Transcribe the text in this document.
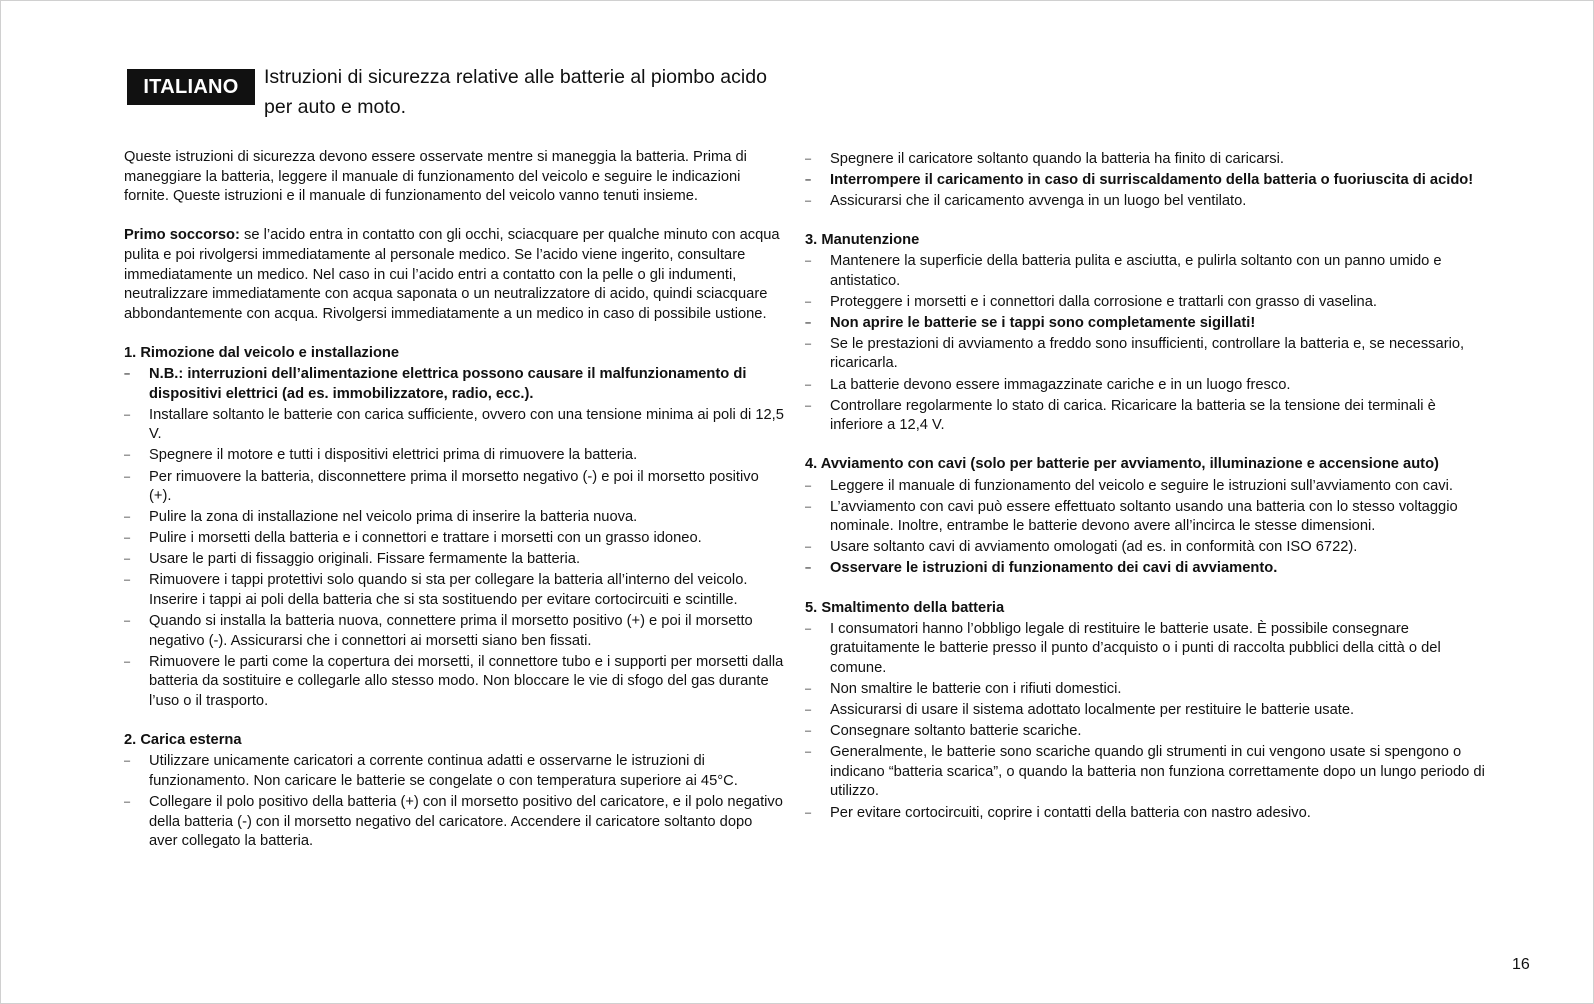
ITALIANO	Istruzioni di sicurezza relative alle batterie al piombo acido per auto e moto.

Queste istruzioni di sicurezza devono essere osservate mentre si maneggia la batteria. Prima di maneggiare la batteria, leggere il manuale di funzionamento del veicolo e seguire le indicazioni fornite. Queste istruzioni e il manuale di funzionamento del veicolo vanno tenuti insieme.

Primo soccorso: se l’acido entra in contatto con gli occhi, sciacquare per qualche minuto con acqua pulita e poi rivolgersi immediatamente al personale medico. Se l’acido viene ingerito, consultare immediatamente un medico. Nel caso in cui l’acido entri a contatto con la pelle o gli indumenti, neutralizzare immediatamente con acqua saponata o un neutralizzatore di acido, quindi sciacquare abbondantemente con acqua. Rivolgersi immediatamente a un medico in caso di possibile ustione.

1. Rimozione dal veicolo e installazione

– N.B.: interruzioni dell’alimentazione elettrica possono causare il malfunzionamento di dispositivi elettrici (ad es. immobilizzatore, radio, ecc.).
– Installare soltanto le batterie con carica sufficiente, ovvero con una tensione minima ai poli di 12,5 V.
– Spegnere il motore e tutti i dispositivi elettrici prima di rimuovere la batteria.
– Per rimuovere la batteria, disconnettere prima il morsetto negativo (-) e poi il morsetto positivo (+).
– Pulire la zona di installazione nel veicolo prima di inserire la batteria nuova.
– Pulire i morsetti della batteria e i connettori e trattare i morsetti con un grasso idoneo.
– Usare le parti di fissaggio originali. Fissare fermamente la batteria.
– Rimuovere i tappi protettivi solo quando si sta per collegare la batteria all’interno del veicolo. Inserire i tappi ai poli della batteria che si sta sostituendo per evitare cortocircuiti e scintille.
– Quando si installa la batteria nuova, connettere prima il morsetto positivo (+) e poi il morsetto negativo (-). Assicurarsi che i connettori ai morsetti siano ben fissati.
– Rimuovere le parti come la copertura dei morsetti, il connettore tubo e i supporti per morsetti dalla batteria da sostituire e collegarle allo stesso modo. Non bloccare le vie di sfogo del gas durante l’uso o il trasporto.

2. Carica esterna

– Utilizzare unicamente caricatori a corrente continua adatti e osservarne le istruzioni di funzionamento. Non caricare le batterie se congelate o con temperatura superiore ai 45°C.
– Collegare il polo positivo della batteria (+) con il morsetto positivo del caricatore, e il polo negativo della batteria (-) con il morsetto negativo del caricatore. Accendere il caricatore soltanto dopo aver collegato la batteria.
– Spegnere il caricatore soltanto quando la batteria ha finito di caricarsi.
– Interrompere il caricamento in caso di surriscaldamento della batteria o fuoriuscita di acido!
– Assicurarsi che il caricamento avvenga in un luogo bel ventilato.

3. Manutenzione

– Mantenere la superficie della batteria pulita e asciutta, e pulirla soltanto con un panno umido e antistatico.
– Proteggere i morsetti e i connettori dalla corrosione e trattarli con grasso di vaselina.
– Non aprire le batterie se i tappi sono completamente sigillati!
– Se le prestazioni di avviamento a freddo sono insufficienti, controllare la batteria e, se necessario, ricaricarla.
– La batterie devono essere immagazzinate cariche e in un luogo fresco.
– Controllare regolarmente lo stato di carica. Ricaricare la batteria se la tensione dei terminali è inferiore a 12,4 V.

4. Avviamento con cavi (solo per batterie per avviamento, illuminazione e accensione auto)

– Leggere il manuale di funzionamento del veicolo e seguire le istruzioni sull’avviamento con cavi.
– L’avviamento con cavi può essere effettuato soltanto usando una batteria con lo stesso voltaggio nominale. Inoltre, entrambe le batterie devono avere all’incirca le stesse dimensioni.
– Usare soltanto cavi di avviamento omologati (ad es. in conformità con ISO 6722).
– Osservare le istruzioni di funzionamento dei cavi di avviamento.

5. Smaltimento della batteria

– I consumatori hanno l’obbligo legale di restituire le batterie usate. È possibile consegnare gratuitamente le batterie presso il punto d’acquisto o i punti di raccolta pubblici della città o del comune.
– Non smaltire le batterie con i rifiuti domestici.
– Assicurarsi di usare il sistema adottato localmente per restituire le batterie usate.
– Consegnare soltanto batterie scariche.
– Generalmente, le batterie sono scariche quando gli strumenti in cui vengono usate si spengono o indicano “batteria scarica”, o quando la batteria non funziona correttamente dopo un lungo periodo di utilizzo.
– Per evitare cortocircuiti, coprire i contatti della batteria con nastro adesivo.
16
